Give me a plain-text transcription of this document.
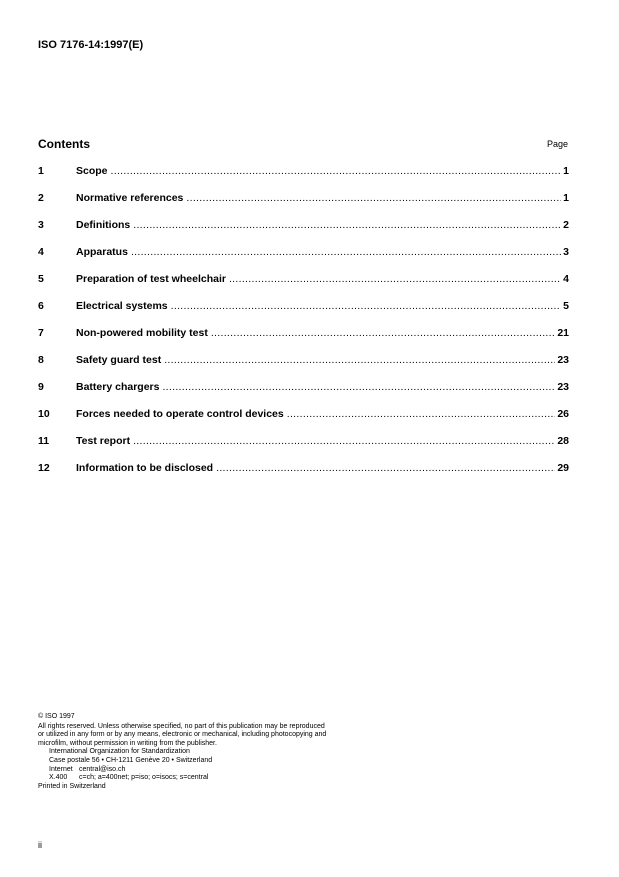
ISO 7176-14:1997(E)
Contents	Page
1	Scope .....	1
2	Normative references .....	1
3	Definitions .....	2
4	Apparatus .....	3
5	Preparation of test wheelchair .....	4
6	Electrical systems .....	5
7	Non-powered mobility test .....	21
8	Safety guard test .....	23
9	Battery chargers .....	23
10	Forces needed to operate control devices .....	26
11	Test report .....	28
12	Information to be disclosed .....	29

© ISO 1997

All rights reserved. Unless otherwise specified, no part of this publication may be reproduced

or utilized in any form or by any means, electronic or mechanical, including photocopying and

microfilm, without permission in writing from the publisher.

International Organization for Standardization

Case postale 56 • CH-1211 Genève 20 • Switzerland

Internet central@iso.ch
X.400	c=ch; a=400net; p=iso; o=isocs; s=central

Printed in Switzerland

ii
